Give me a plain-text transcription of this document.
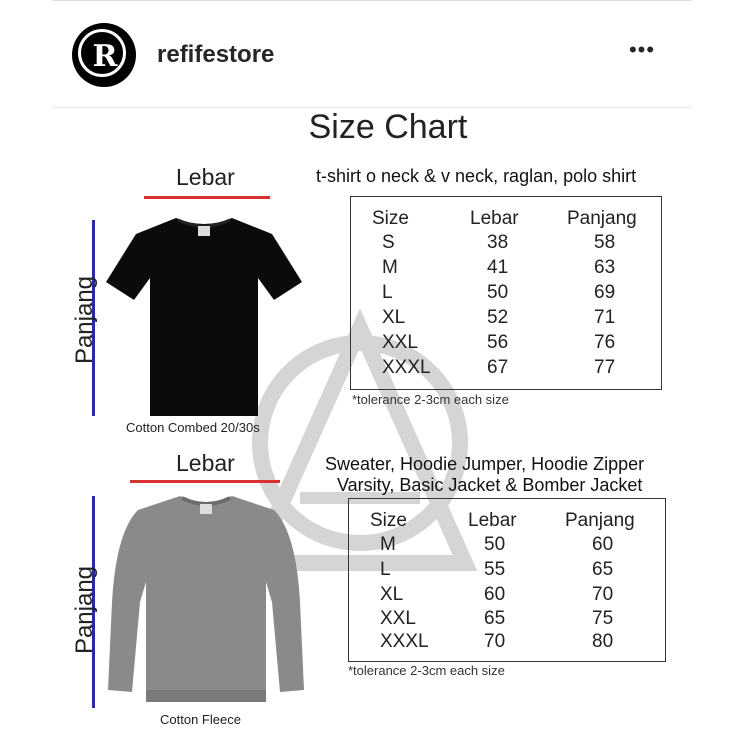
R	refifestore	•••
Size Chart
Lebar
Panjang
Cotton Combed 20/30s
t-shirt o neck & v neck, raglan, polo shirt
Size	Lebar	Panjang
S	38	58
M	41	63
L	50	69
XL	52	71
XXL	56	76
XXXL	67	77
*tolerance 2-3cm each size
Lebar
Panjang
Cotton Fleece
Sweater, Hoodie Jumper, Hoodie Zipper
Varsity, Basic Jacket & Bomber Jacket
Size	Lebar	Panjang
M	50	60
L	55	65
XL	60	70
XXL	65	75
XXXL	70	80
*tolerance 2-3cm each size
